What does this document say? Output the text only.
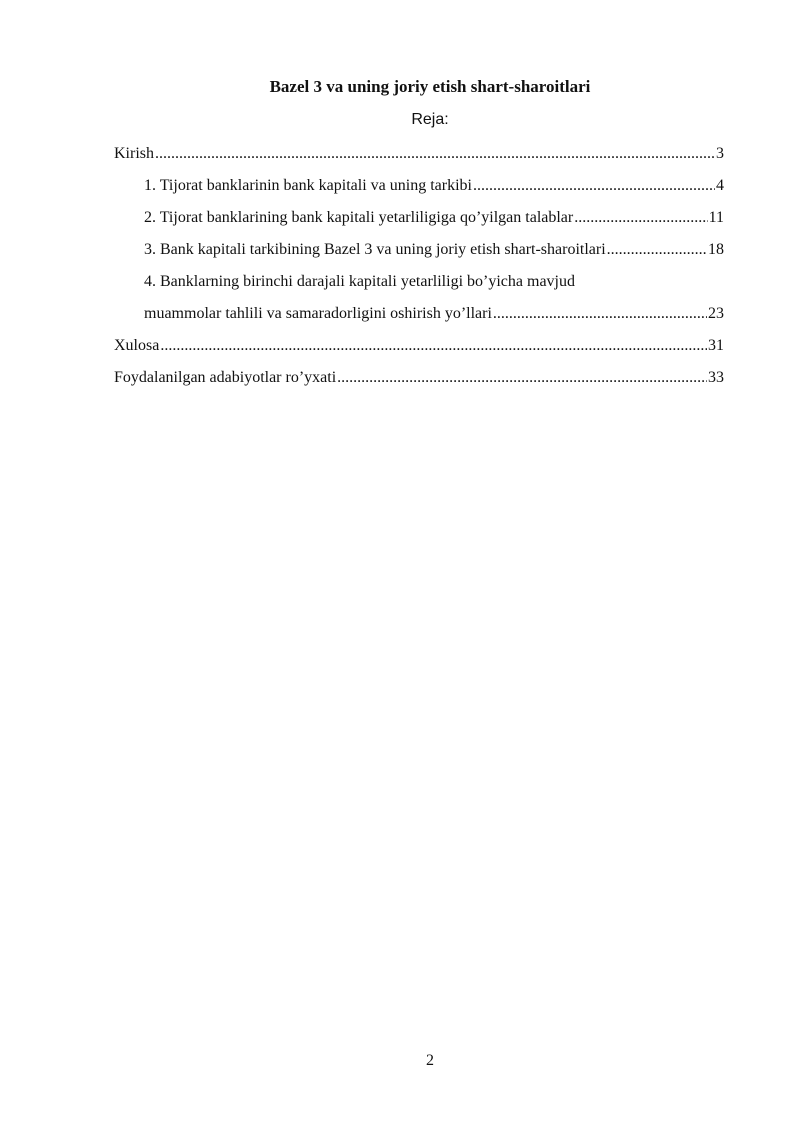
Bazel 3 va uning joriy etish shart-sharoitlari
Reja:
Kirish .....	3
1. Tijorat banklarinin bank kapitali va uning tarkibi .....	4
2. Tijorat banklarining bank kapitali yetarliligiga qo’yilgan talablar .....	11
3. Bank kapitali tarkibining Bazel 3 va uning joriy etish shart-sharoitlari .....	18
4. Banklarning birinchi darajali kapitali yetarliligi bo’yicha mavjud
muammolar tahlili va samaradorligini oshirish yo’llari .....	23
Xulosa .....	31
Foydalanilgan adabiyotlar ro’yxati .....	33
2
